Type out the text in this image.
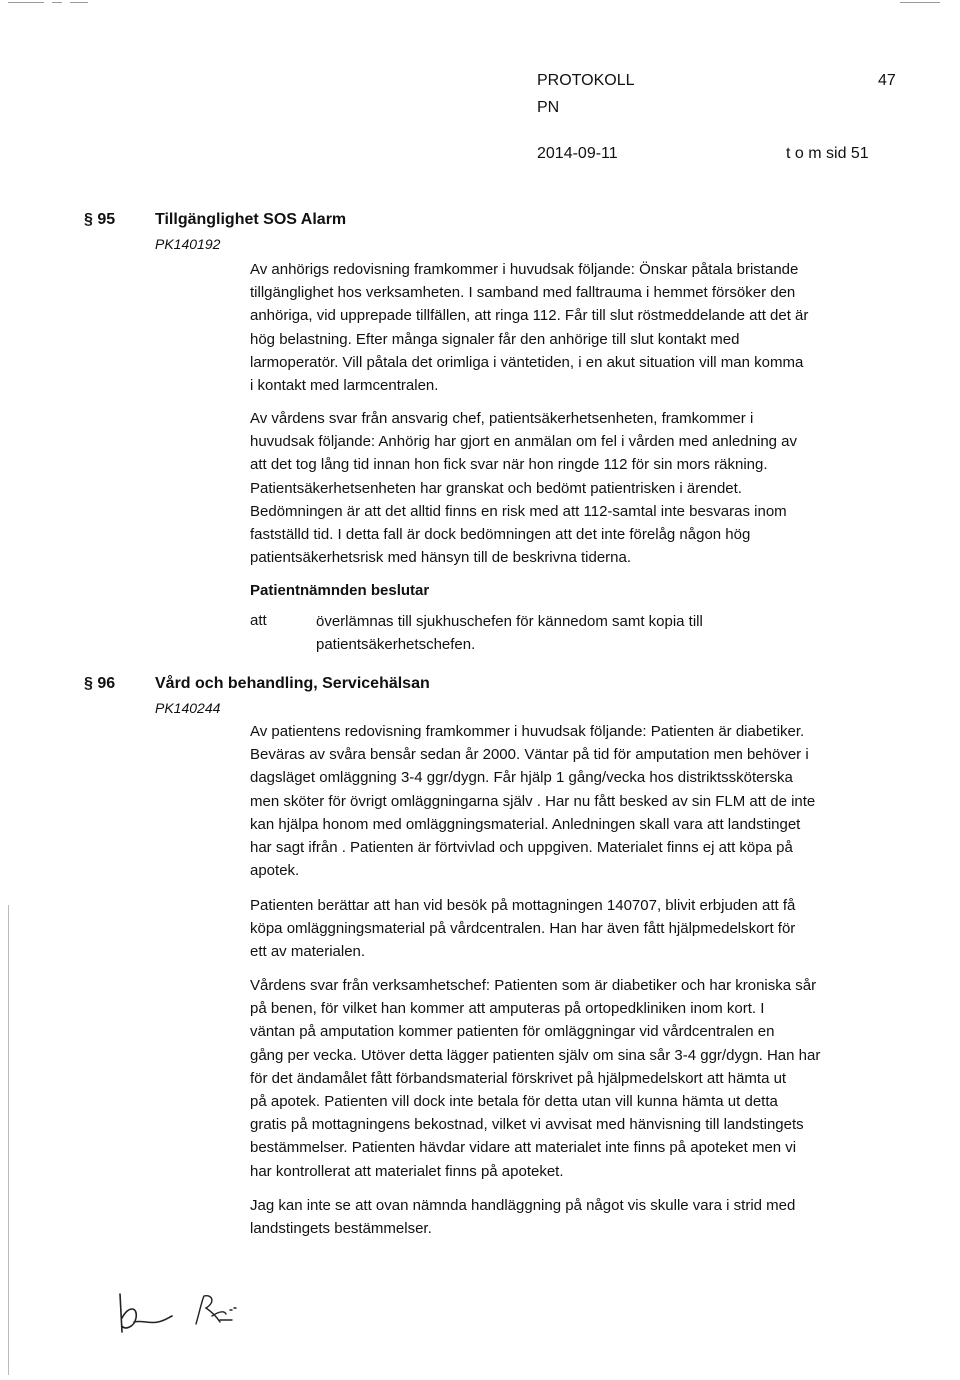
PROTOKOLL	47
PN
2014-09-11	t o m sid 51
§ 95 Tillgänglighet SOS Alarm
PK140192
Av anhörigs redovisning framkommer i huvudsak följande: Önskar påtala bristande
tillgänglighet hos verksamheten. I samband med falltrauma i hemmet försöker den
anhöriga, vid upprepade tillfällen, att ringa 112. Får till slut röstmeddelande att det är
hög belastning. Efter många signaler får den anhörige till slut kontakt med
larmoperatör. Vill påtala det orimliga i väntetiden, i en akut situation vill man komma
i kontakt med larmcentralen.
Av vårdens svar från ansvarig chef, patientsäkerhetsenheten, framkommer i
huvudsak följande: Anhörig har gjort en anmälan om fel i vården med anledning av
att det tog lång tid innan hon fick svar när hon ringde 112 för sin mors räkning.
Patientsäkerhetsenheten har granskat och bedömt patientrisken i ärendet.
Bedömningen är att det alltid finns en risk med att 112-samtal inte besvaras inom
fastställd tid. I detta fall är dock bedömningen att det inte förelåg någon hög
patientsäkerhetsrisk med hänsyn till de beskrivna tiderna.
Patientnämnden beslutar
att	överlämnas till sjukhuschefen för kännedom samt kopia till
patientsäkerhetschefen.
§ 96 Vård och behandling, Servicehälsan
PK140244
Av patientens redovisning framkommer i huvudsak följande: Patienten är diabetiker.
Beväras av svåra bensår sedan år 2000. Väntar på tid för amputation men behöver i
dagsläget omläggning 3-4 ggr/dygn. Får hjälp 1 gång/vecka hos distriktssköterska
men sköter för övrigt omläggningarna själv . Har nu fått besked av sin FLM att de inte
kan hjälpa honom med omläggningsmaterial. Anledningen skall vara att landstinget
har sagt ifrån . Patienten är förtvivlad och uppgiven. Materialet finns ej att köpa på
apotek.
Patienten berättar att han vid besök på mottagningen 140707, blivit erbjuden att få
köpa omläggningsmaterial på vårdcentralen. Han har även fått hjälpmedelskort för
ett av materialen.
Vårdens svar från verksamhetschef: Patienten som är diabetiker och har kroniska sår
på benen, för vilket han kommer att amputeras på ortopedkliniken inom kort. I
väntan på amputation kommer patienten för omläggningar vid vårdcentralen en
gång per vecka. Utöver detta lägger patienten själv om sina sår 3-4 ggr/dygn. Han har
för det ändamålet fått förbandsmaterial förskrivet på hjälpmedelskort att hämta ut
på apotek. Patienten vill dock inte betala för detta utan vill kunna hämta ut detta
gratis på mottagningens bekostnad, vilket vi avvisat med hänvisning till landstingets
bestämmelser. Patienten hävdar vidare att materialet inte finns på apoteket men vi
har kontrollerat att materialet finns på apoteket.
Jag kan inte se att ovan nämnda handläggning på något vis skulle vara i strid med
landstingets bestämmelser.
